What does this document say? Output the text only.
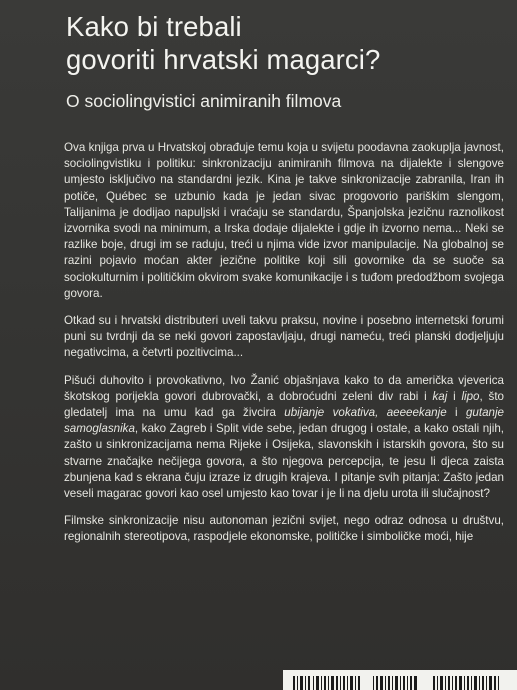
Kako bi trebali
govoriti hrvatski magarci?
O sociolingvistici animiranih filmova

Ova knjiga prva u Hrvatskoj obrađuje temu koja u svijetu poodavna zaokuplja javnost, sociolingvistiku i politiku: sinkronizaciju animiranih filmova na dijalekte i slengove umjesto isključivo na standardni jezik. Kina je takve sinkronizacije zabranila, Iran ih potiče, Québec se uzbunio kada je jedan sivac progovorio pariškim slengom, Talijanima je dodijao napuljski i vraćaju se standardu, Španjolska jezičnu raznolikost izvornika svodi na minimum, a Irska dodaje dijalekte i gdje ih izvorno nema... Neki se razlike boje, drugi im se raduju, treći u njima vide izvor manipulacije. Na globalnoj se razini pojavio moćan akter jezične politike koji sili govornike da se suoče sa sociokulturnim i političkim okvirom svake komunikacije i s tuđom predodžbom svojega govora.

Otkad su i hrvatski distributeri uveli takvu praksu, novine i posebno internetski forumi puni su tvrdnji da se neki govori zapostavljaju, drugi nameću, treći planski dodjeljuju negativcima, a četvrti pozitivcima...

Pišući duhovito i provokativno, Ivo Žanić objašnjava kako to da američka vjeverica škotskog porijekla govori dubrovački, a dobroćudni zeleni div rabi i kaj i lipo, što gledatelj ima na umu kad ga živcira ubijanje vokativa, aeeeekanje i gutanje samoglasnika, kako Zagreb i Split vide sebe, jedan drugog i ostale, a kako ostali njih, zašto u sinkronizacijama nema Rijeke i Osijeka, slavonskih i istarskih govora, što su stvarne značajke nečijega govora, a što njegova percepcija, te jesu li djeca zaista zbunjena kad s ekrana čuju izraze iz drugih krajeva. I pitanje svih pitanja: Zašto jedan veseli magarac govori kao osel umjesto kao tovar i je li na djelu urota ili slučajnost?

Filmske sinkronizacije nisu autonoman jezični svijet, nego odraz odnosa u društvu, regionalnih stereotipova, raspodjele ekonomske, političke i simboličke moći, hije
